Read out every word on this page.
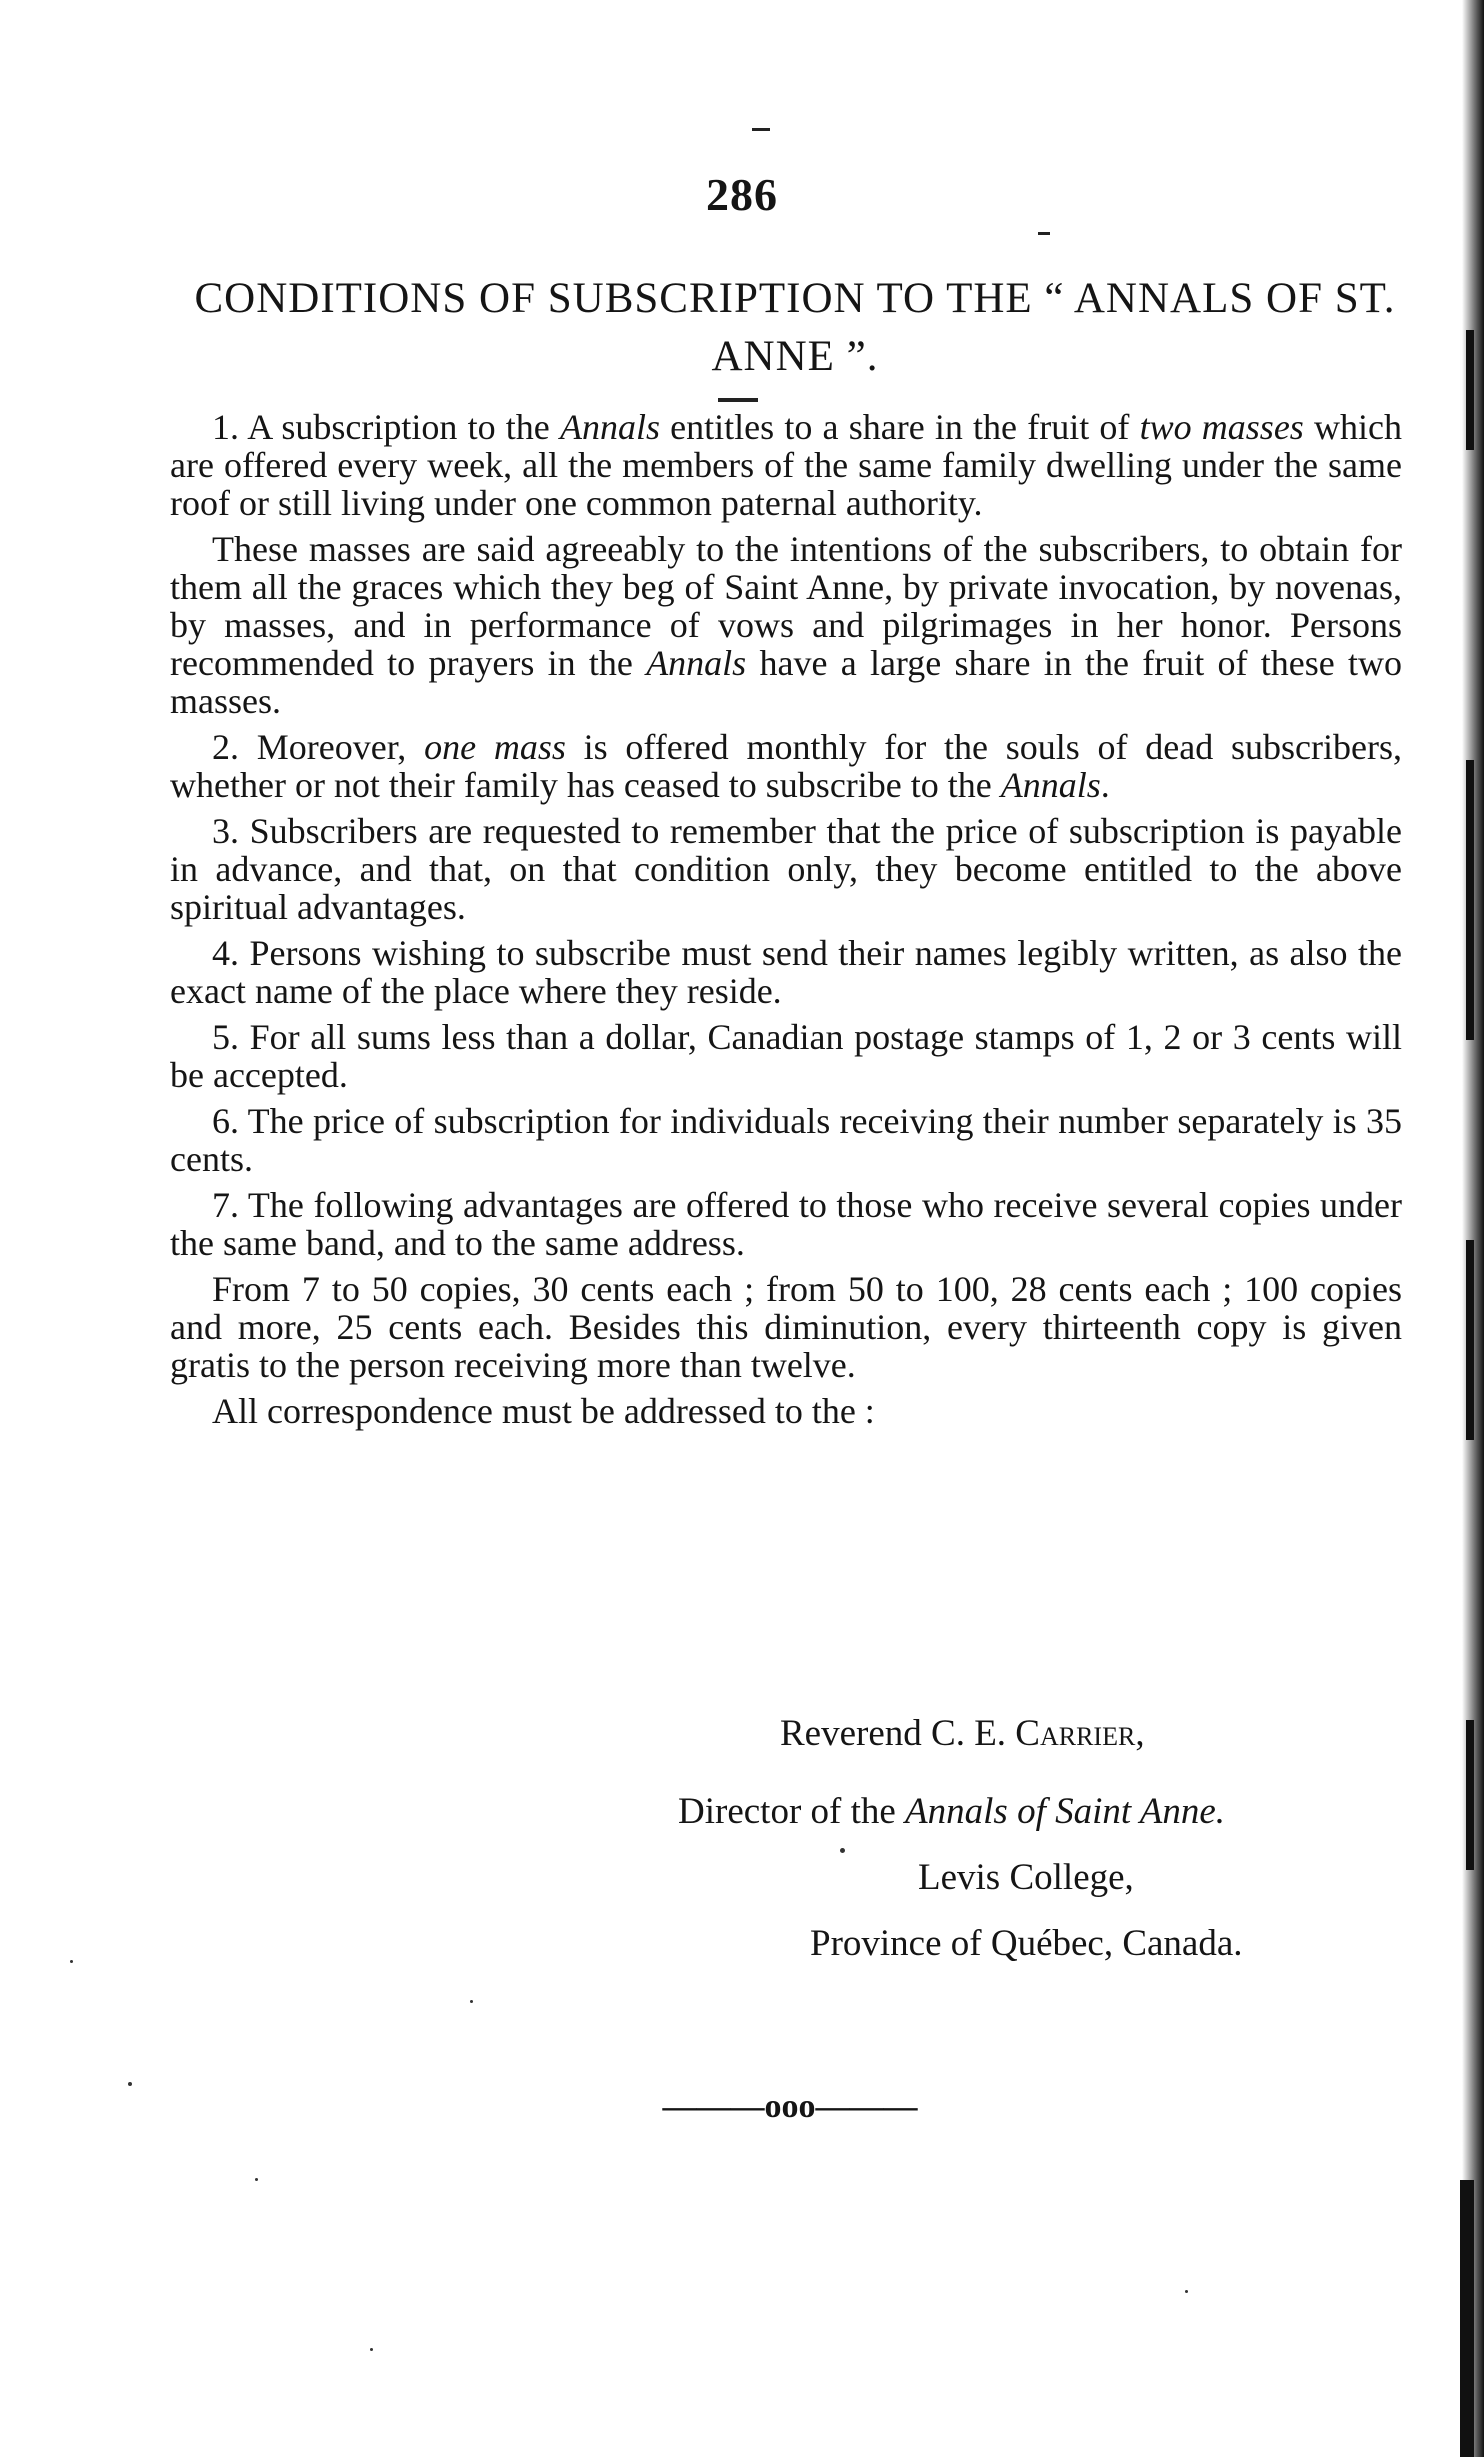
286
CONDITIONS OF SUBSCRIPTION TO THE “ ANNALS OF ST. ANNE ”.

1. A subscription to the Annals entitles to a share in the fruit of two masses which are offered every week, all the members of the same family dwelling under the same roof or still living under one common paternal authority.

These masses are said agreeably to the intentions of the subscribers, to obtain for them all the graces which they beg of Saint Anne, by private invocation, by novenas, by masses, and in performance of vows and pilgrimages in her honor. Persons recommended to prayers in the Annals have a large share in the fruit of these two masses.

2. Moreover, one mass is offered monthly for the souls of dead subscribers, whether or not their family has ceased to subscribe to the Annals.

3. Subscribers are requested to remember that the price of subscription is payable in advance, and that, on that condition only, they become entitled to the above spiritual advantages.

4. Persons wishing to subscribe must send their names legibly written, as also the exact name of the place where they reside.

5. For all sums less than a dollar, Canadian postage stamps of 1, 2 or 3 cents will be accepted.

6. The price of subscription for individuals receiving their number separately is 35 cents.

7. The following advantages are offered to those who receive several copies under the same band, and to the same address.

From 7 to 50 copies, 30 cents each ; from 50 to 100, 28 cents each ; 100 copies and more, 25 cents each. Besides this diminution, every thirteenth copy is given gratis to the person receiving more than twelve.

All correspondence must be addressed to the :

Reverend C. E. Carrier,
Director of the Annals of Saint Anne.
Levis College,
Province of Québec, Canada.
———ooo———
